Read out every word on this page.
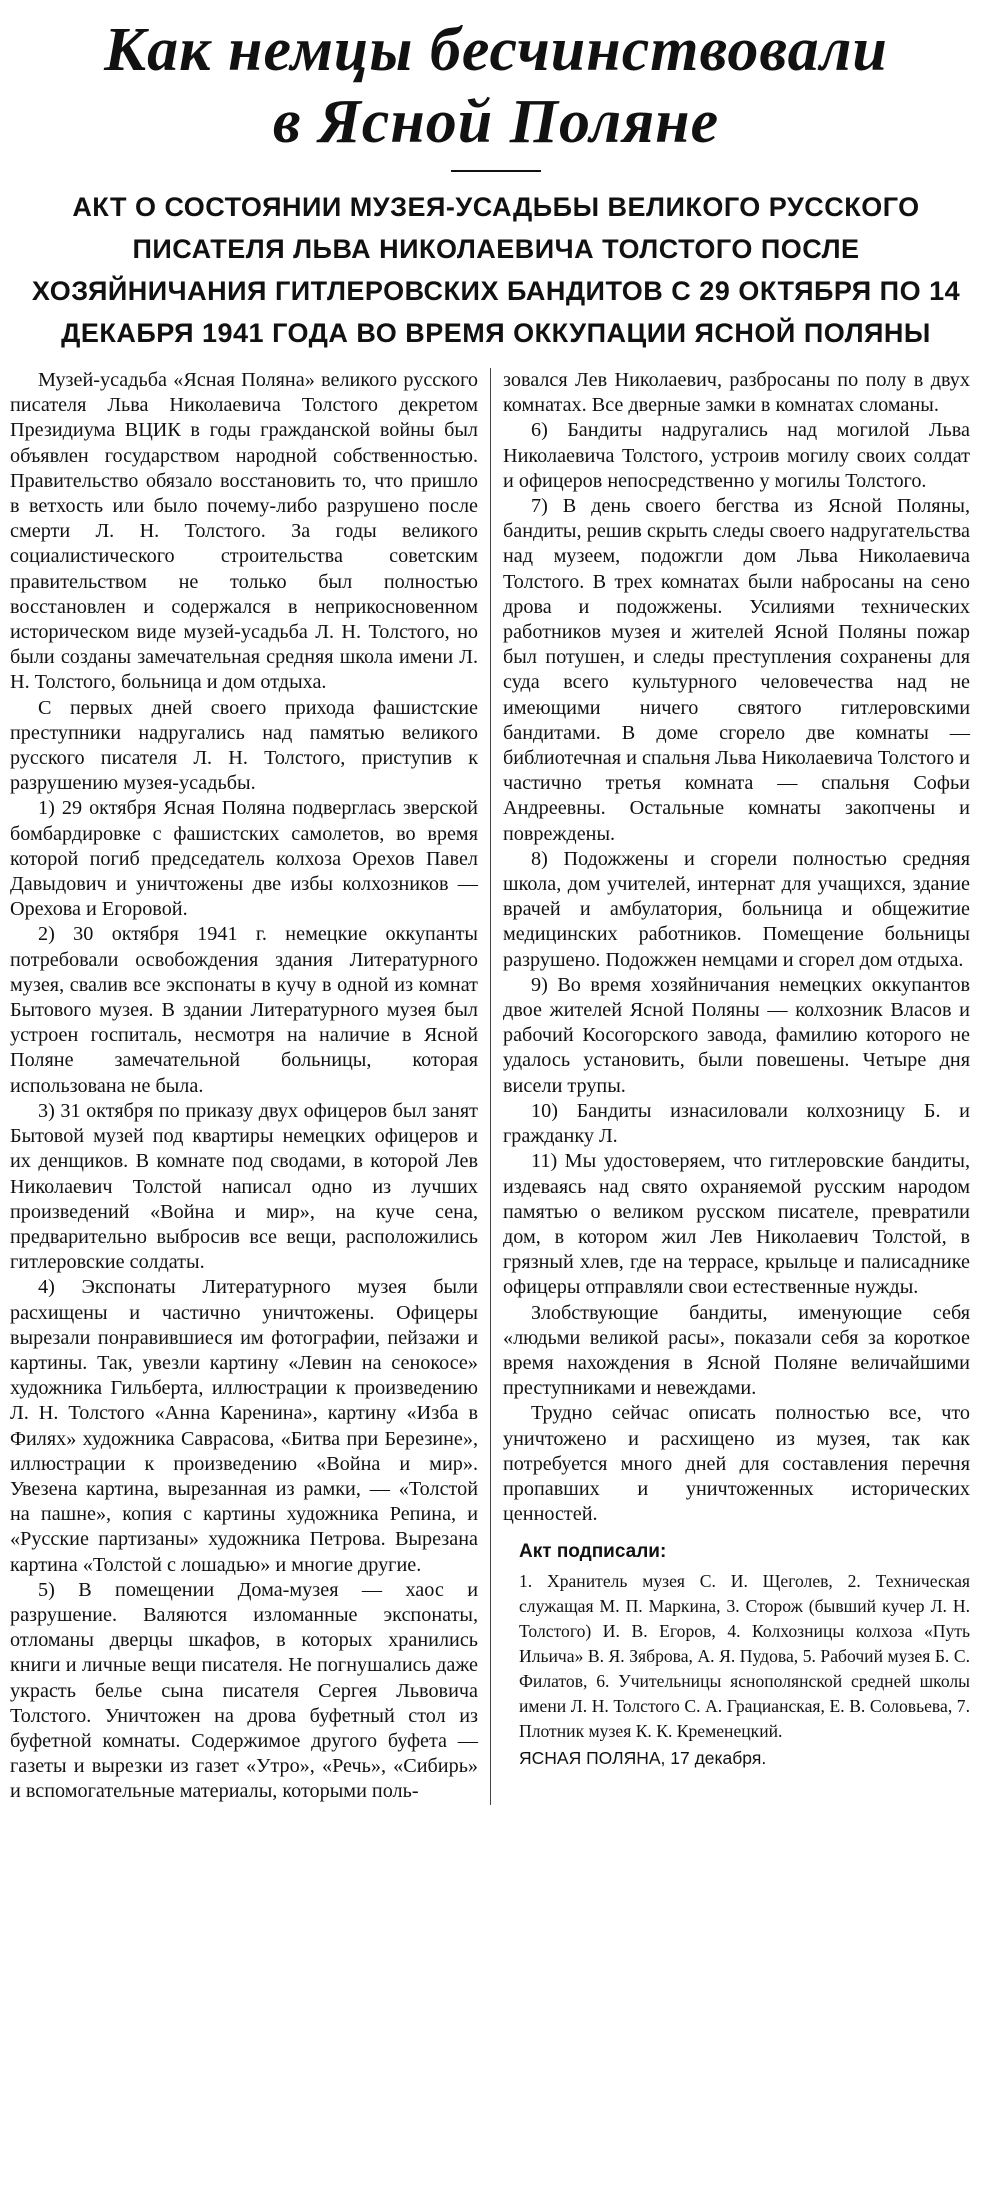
Как немцы бесчинствовали
в Ясной Поляне
АКТ О СОСТОЯНИИ МУЗЕЯ-УСАДЬБЫ ВЕЛИКОГО РУССКОГО ПИСАТЕЛЯ ЛЬВА НИКОЛАЕВИЧА ТОЛСТОГО ПОСЛЕ ХОЗЯЙНИЧАНИЯ ГИТЛЕРОВСКИХ БАНДИТОВ С 29 ОКТЯБРЯ ПО 14 ДЕКАБРЯ 1941 ГОДА ВО ВРЕМЯ ОККУПАЦИИ ЯСНОЙ ПОЛЯНЫ

Музей-усадьба «Ясная Поляна» великого русского писателя Льва Николаевича Толстого декретом Президиума ВЦИК в годы гражданской войны был объявлен государством народной собственностью. Правительство обязало восстановить то, что пришло в ветхость или было почему-либо разрушено после смерти Л. Н. Толстого. За годы великого социалистического строительства советским правительством не только был полностью восстановлен и содержался в неприкосновенном историческом виде музей-усадьба Л. Н. Толстого, но были созданы замечательная средняя школа имени Л. Н. Толстого, больница и дом отдыха.

С первых дней своего прихода фашистские преступники надругались над памятью великого русского писателя Л. Н. Толстого, приступив к разрушению музея-усадьбы.

1) 29 октября Ясная Поляна подверглась зверской бомбардировке с фашистских самолетов, во время которой погиб председатель колхоза Орехов Павел Давыдович и уничтожены две избы колхозников — Орехова и Егоровой.

2) 30 октября 1941 г. немецкие оккупанты потребовали освобождения здания Литературного музея, свалив все экспонаты в кучу в одной из комнат Бытового музея. В здании Литературного музея был устроен госпиталь, несмотря на наличие в Ясной Поляне замечательной больницы, которая использована не была.

3) 31 октября по приказу двух офицеров был занят Бытовой музей под квартиры немецких офицеров и их денщиков. В комнате под сводами, в которой Лев Николаевич Толстой написал одно из лучших произведений «Война и мир», на куче сена, предварительно выбросив все вещи, расположились гитлеровские солдаты.

4) Экспонаты Литературного музея были расхищены и частично уничтожены. Офицеры вырезали понравившиеся им фотографии, пейзажи и картины. Так, увезли картину «Левин на сенокосе» художника Гильберта, иллюстрации к произведению Л. Н. Толстого «Анна Каренина», картину «Изба в Филях» художника Саврасова, «Битва при Березине», иллюстрации к произведению «Война и мир». Увезена картина, вырезанная из рамки, — «Толстой на пашне», копия с картины художника Репина, и «Русские партизаны» художника Петрова. Вырезана картина «Толстой с лошадью» и многие другие.

5) В помещении Дома-музея — хаос и разрушение. Валяются изломанные экспонаты, отломаны дверцы шкафов, в которых хранились книги и личные вещи писателя. Не погнушались даже украсть белье сына писателя Сергея Львовича Толстого. Уничтожен на дрова буфетный стол из буфетной комнаты. Содержимое другого буфета — газеты и вырезки из газет «Утро», «Речь», «Сибирь» и вспомогательные материалы, которыми поль-

зовался Лев Николаевич, разбросаны по полу в двух комнатах. Все дверные замки в комнатах сломаны.

6) Бандиты надругались над могилой Льва Николаевича Толстого, устроив могилу своих солдат и офицеров непосредственно у могилы Толстого.

7) В день своего бегства из Ясной Поляны, бандиты, решив скрыть следы своего надругательства над музеем, подожгли дом Льва Николаевича Толстого. В трех комнатах были набросаны на сено дрова и подожжены. Усилиями технических работников музея и жителей Ясной Поляны пожар был потушен, и следы преступления сохранены для суда всего культурного человечества над не имеющими ничего святого гитлеровскими бандитами. В доме сгорело две комнаты — библиотечная и спальня Льва Николаевича Толстого и частично третья комната — спальня Софьи Андреевны. Остальные комнаты закопчены и повреждены.

8) Подожжены и сгорели полностью средняя школа, дом учителей, интернат для учащихся, здание врачей и амбулатория, больница и общежитие медицинских работников. Помещение больницы разрушено. Подожжен немцами и сгорел дом отдыха.

9) Во время хозяйничания немецких оккупантов двое жителей Ясной Поляны — колхозник Власов и рабочий Косогорского завода, фамилию которого не удалось установить, были повешены. Четыре дня висели трупы.

10) Бандиты изнасиловали колхозницу Б. и гражданку Л.

11) Мы удостоверяем, что гитлеровские бандиты, издеваясь над свято охраняемой русским народом памятью о великом русском писателе, превратили дом, в котором жил Лев Николаевич Толстой, в грязный хлев, где на террасе, крыльце и палисаднике офицеры отправляли свои естественные нужды.

Злобствующие бандиты, именующие себя «людьми великой расы», показали себя за короткое время нахождения в Ясной Поляне величайшими преступниками и невеждами.

Трудно сейчас описать полностью все, что уничтожено и расхищено из музея, так как потребуется много дней для составления перечня пропавших и уничтоженных исторических ценностей.

Акт подписали:
1. Хранитель музея С. И. Щеголев, 2. Техническая служащая М. П. Маркина, 3. Сторож (бывший кучер Л. Н. Толстого) И. В. Егоров, 4. Колхозницы колхоза «Путь Ильича» В. Я. Зяброва, А. Я. Пудова, 5. Рабочий музея Б. С. Филатов, 6. Учительницы яснополянской средней школы имени Л. Н. Толстого С. А. Грацианская, Е. В. Соловьева, 7. Плотник музея К. К. Кременецкий.
ЯСНАЯ ПОЛЯНА, 17 декабря.
